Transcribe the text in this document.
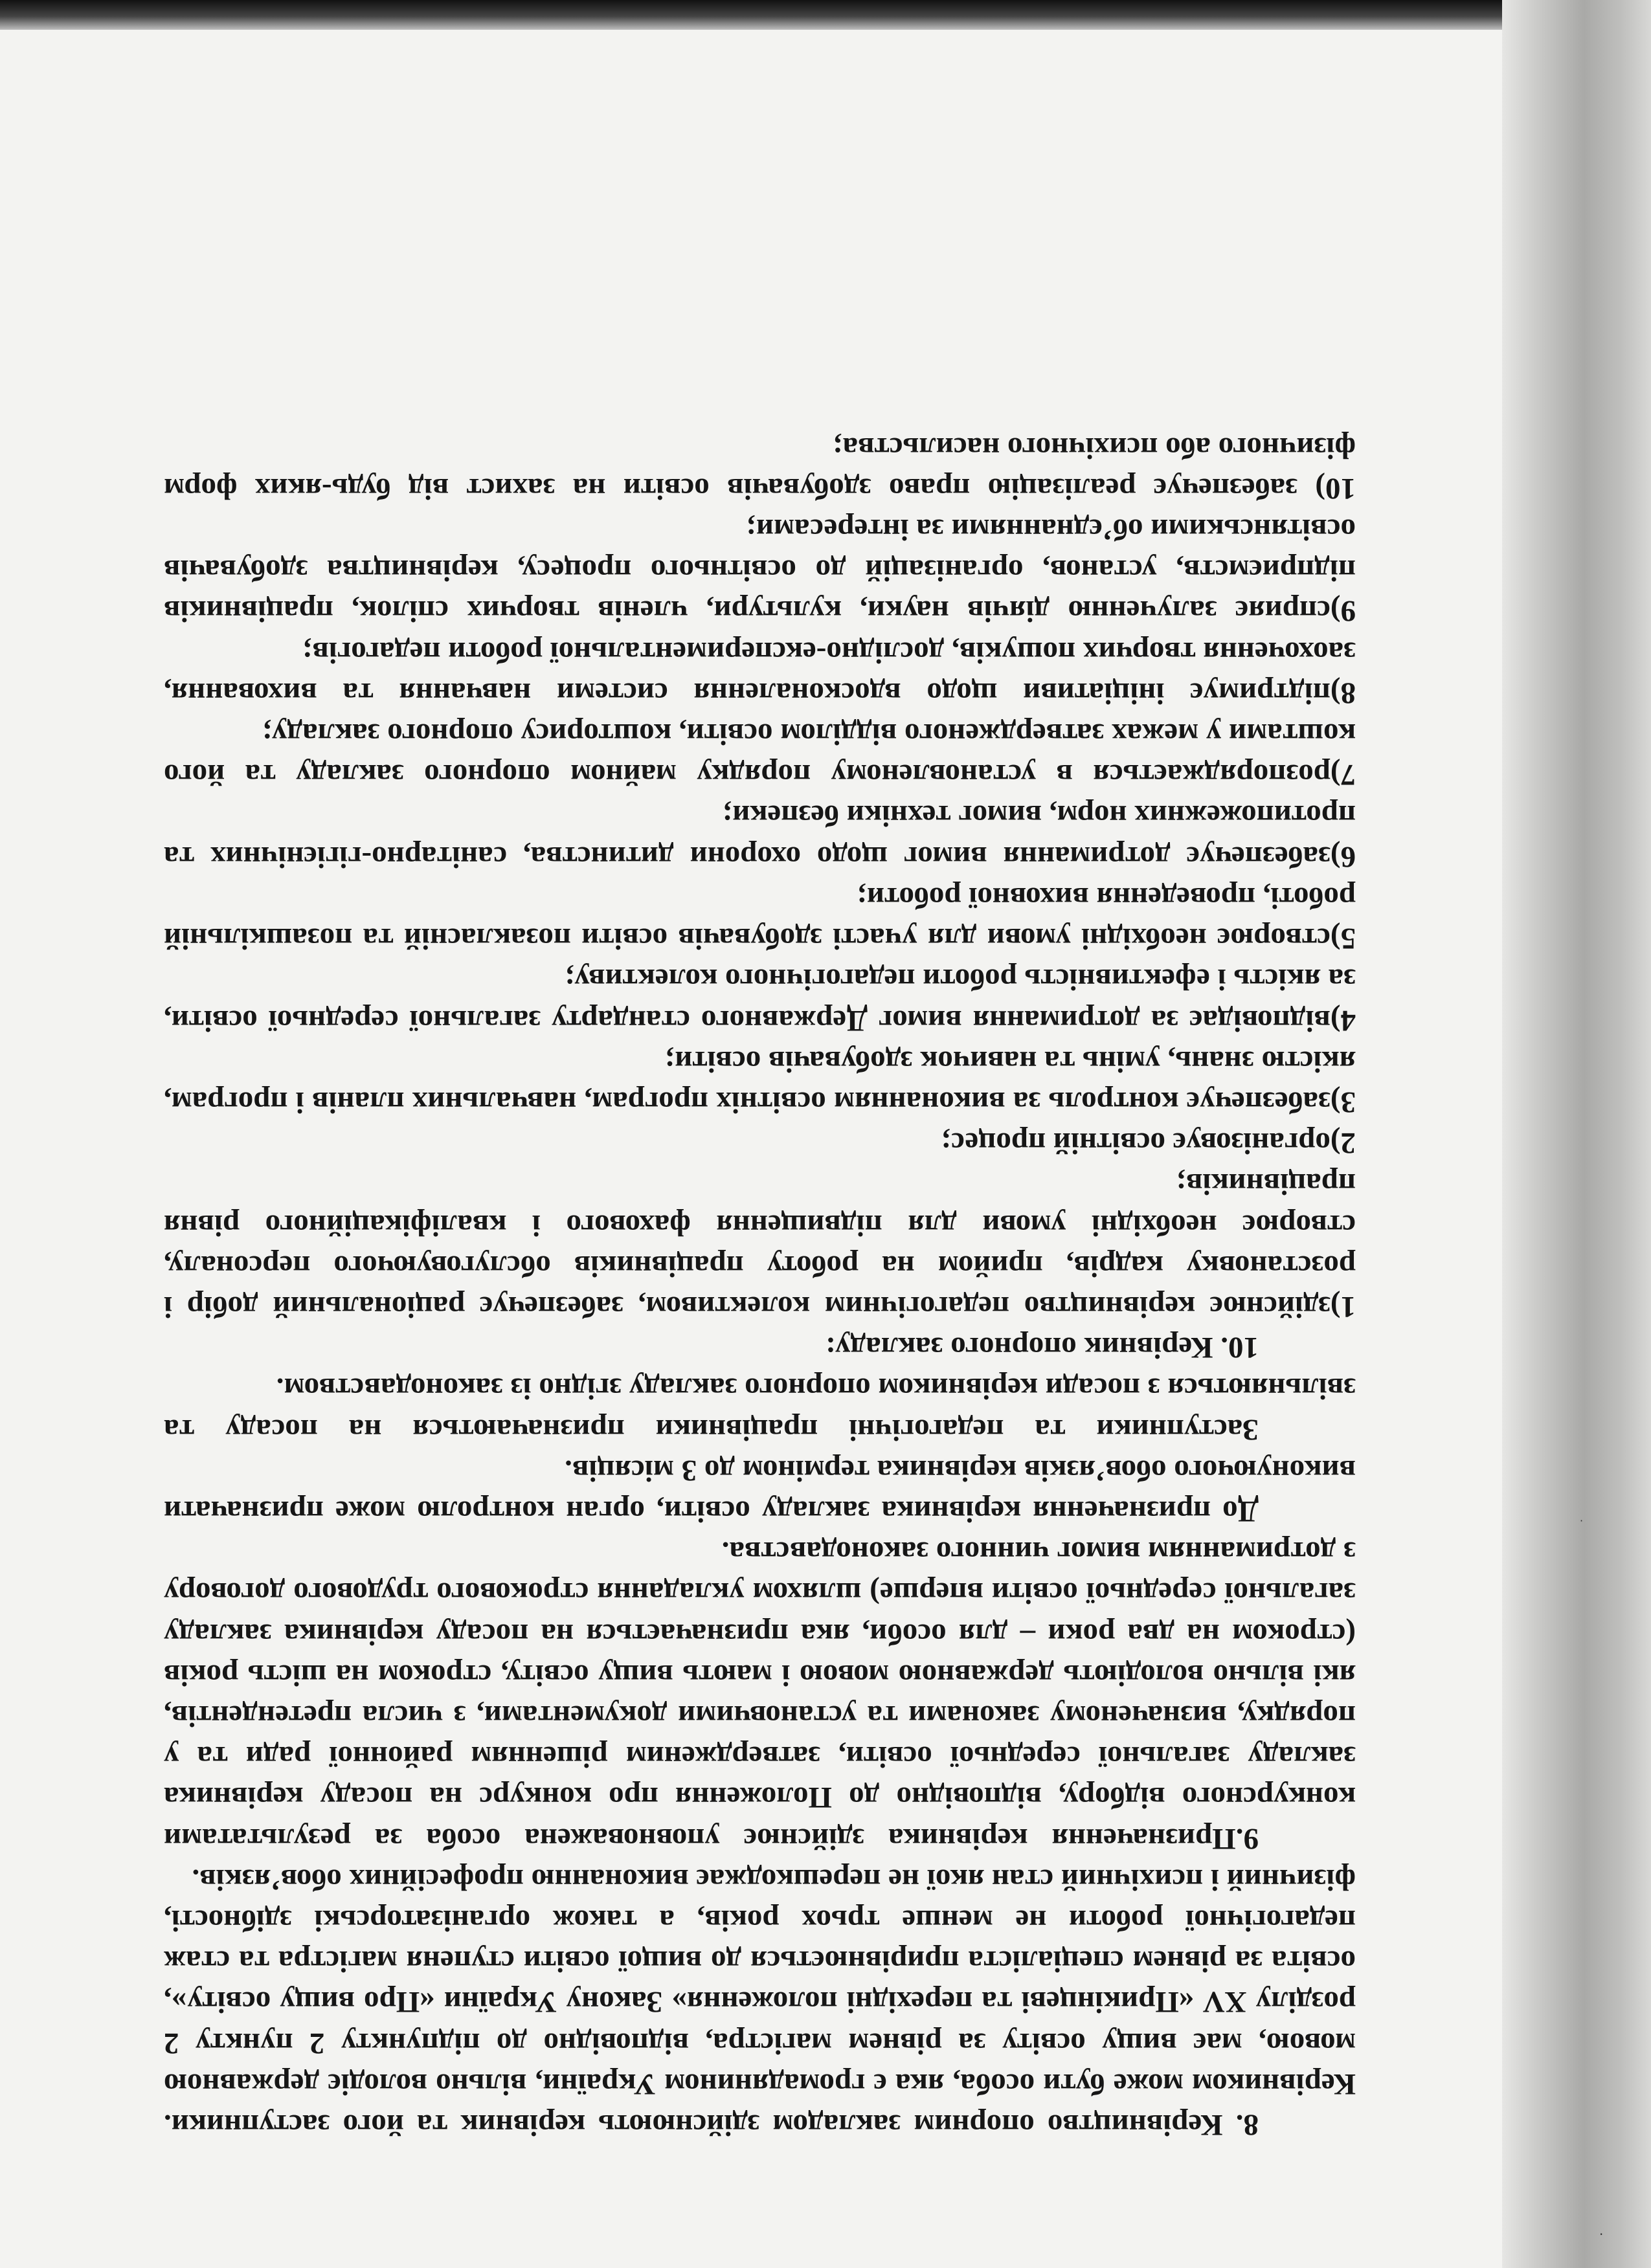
8. Керівництво опорним закладом здійснюють керівник та його заступники. Керівником може бути особа, яка є громадянином України, вільно володіє державною мовою, має вищу освіту за рівнем магістра, відповідно до підпункту 2 пункту 2 розділу XV «Прикінцеві та перехідні положення» Закону України «Про вищу освіту», освіта за рівнем спеціаліста прирівнюється до вищої освіти ступеня магістра та стаж педагогічної роботи не менше трьох років, а також організаторські здібності, фізичний і психічний стан якої не перешкоджає виконанню професійних обов’язків.

9.Призначення керівника здійснює уповноважена особа за результатами конкурсного відбору, відповідно до Положення про конкурс на посаду керівника закладу загальної середньої освіти, затвердженим рішенням районної ради та у порядку, визначеному законами та установчими документами, з числа претендентів, які вільно володіють державною мовою і мають вищу освіту, строком на шість років (строком на два роки – для особи, яка призначається на посаду керівника закладу загальної середньої освіти вперше) шляхом укладання строкового трудового договору з дотриманням вимог чинного законодавства.

До призначення керівника закладу освіти, орган контролю може призначати виконуючого обов’язків керівника терміном до 3 місяців.

Заступники та педагогічні працівники призначаються на посаду та звільняються з посади керівником опорного закладу згідно із законодавством.

10. Керівник опорного закладу:

1)здійснює керівництво педагогічним колективом, забезпечує раціональний добір і розстановку кадрів, прийом на роботу працівників обслуговуючого персоналу, створює необхідні умови для підвищення фахового і кваліфікаційного рівня працівників;

2)організовує освітній процес;

3)забезпечує контроль за виконанням освітніх програм, навчальних планів і програм, якістю знань, умінь та навичок здобувачів освіти;

4)відповідає за дотримання вимог Державного стандарту загальної середньої освіти, за якість і ефективність роботи педагогічного колективу;

5)створює необхідні умови для участі здобувачів освіти позакласній та позашкільній роботі, проведення виховної роботи;

6)забезпечує дотримання вимог щодо охорони дитинства, санітарно-гігієнічних та протипожежних норм, вимог техніки безпеки;

7)розпоряджається в установленому порядку майном опорного закладу та його коштами у межах затвердженого відділом освіти, кошторису опорного закладу;

8)підтримує ініціативи щодо вдосконалення системи навчання та виховання, заохочення творчих пошуків, дослідно-експериментальної роботи педагогів;

9)сприяє залученню діячів науки, культури, членів творчих спілок, працівників підприємств, установ, організацій до освітнього процесу, керівництва здобувачів освітянськими об’єднаннями за інтересами;

10) забезпечує реалізацію право здобувачів освіти на захист від будь-яких форм фізичного або психічного насильства;

·
·
